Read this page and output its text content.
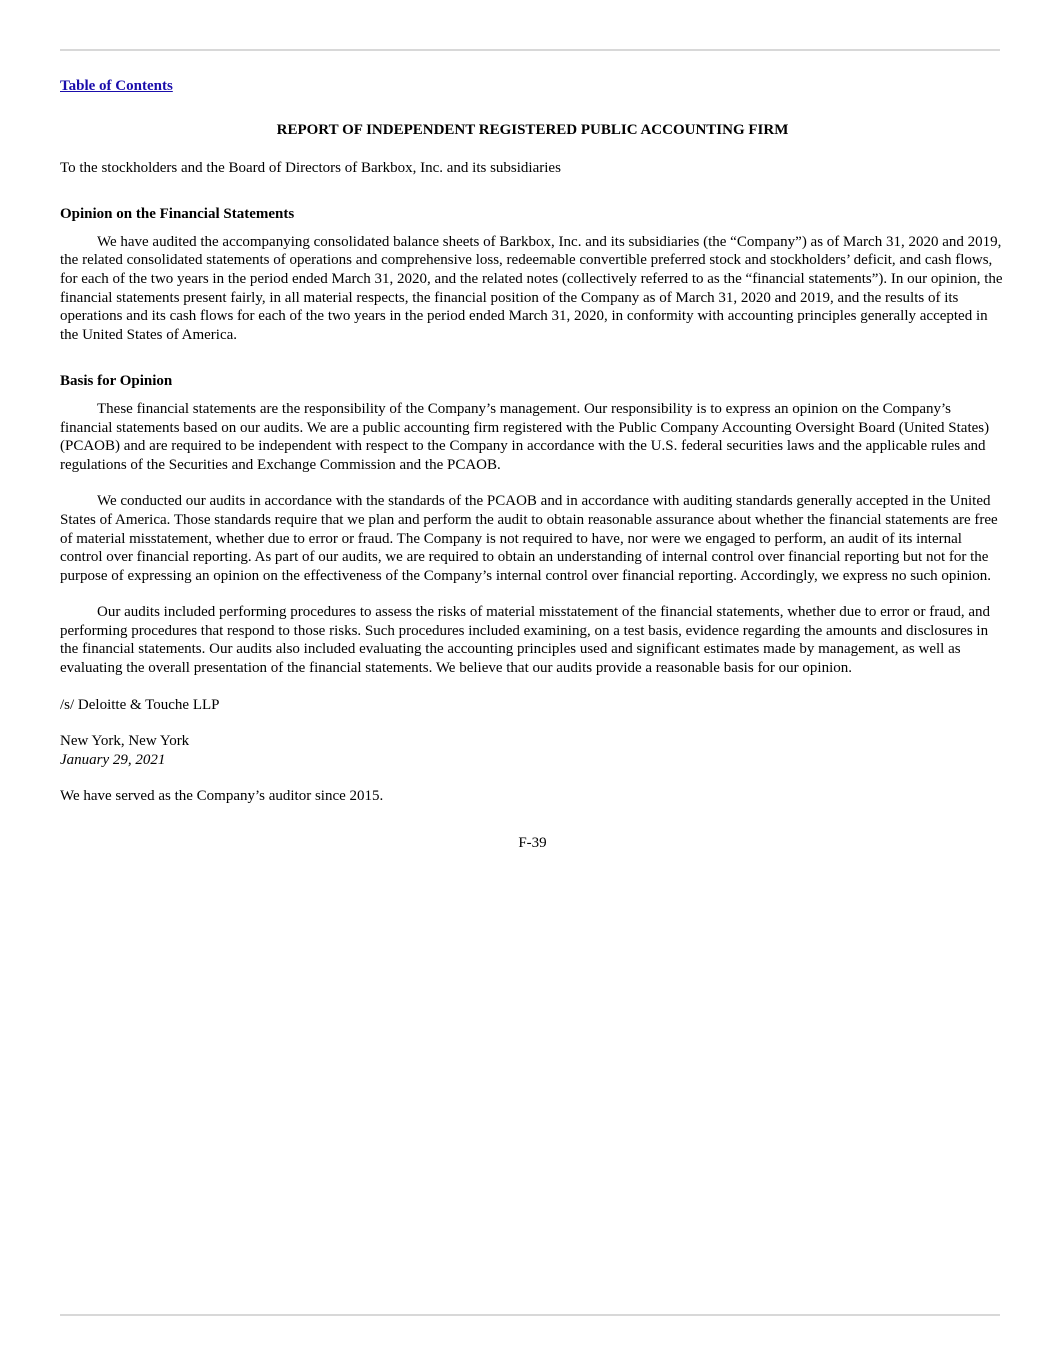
Table of Contents
REPORT OF INDEPENDENT REGISTERED PUBLIC ACCOUNTING FIRM

To the stockholders and the Board of Directors of Barkbox, Inc. and its subsidiaries

Opinion on the Financial Statements

We have audited the accompanying consolidated balance sheets of Barkbox, Inc. and its subsidiaries (the “Company”) as of March 31, 2020 and 2019, the related consolidated statements of operations and comprehensive loss, redeemable convertible preferred stock and stockholders’ deficit, and cash flows, for each of the two years in the period ended March 31, 2020, and the related notes (collectively referred to as the “financial statements”). In our opinion, the financial statements present fairly, in all material respects, the financial position of the Company as of March 31, 2020 and 2019, and the results of its operations and its cash flows for each of the two years in the period ended March 31, 2020, in conformity with accounting principles generally accepted in the United States of America.

Basis for Opinion

These financial statements are the responsibility of the Company’s management. Our responsibility is to express an opinion on the Company’s financial statements based on our audits. We are a public accounting firm registered with the Public Company Accounting Oversight Board (United States) (PCAOB) and are required to be independent with respect to the Company in accordance with the U.S. federal securities laws and the applicable rules and regulations of the Securities and Exchange Commission and the PCAOB.

We conducted our audits in accordance with the standards of the PCAOB and in accordance with auditing standards generally accepted in the United States of America. Those standards require that we plan and perform the audit to obtain reasonable assurance about whether the financial statements are free of material misstatement, whether due to error or fraud. The Company is not required to have, nor were we engaged to perform, an audit of its internal control over financial reporting. As part of our audits, we are required to obtain an understanding of internal control over financial reporting but not for the purpose of expressing an opinion on the effectiveness of the Company’s internal control over financial reporting. Accordingly, we express no such opinion.

Our audits included performing procedures to assess the risks of material misstatement of the financial statements, whether due to error or fraud, and performing procedures that respond to those risks. Such procedures included examining, on a test basis, evidence regarding the amounts and disclosures in the financial statements. Our audits also included evaluating the accounting principles used and significant estimates made by management, as well as evaluating the overall presentation of the financial statements. We believe that our audits provide a reasonable basis for our opinion.

/s/ Deloitte & Touche LLP

New York, New York
January 29, 2021

We have served as the Company’s auditor since 2015.

F-39
